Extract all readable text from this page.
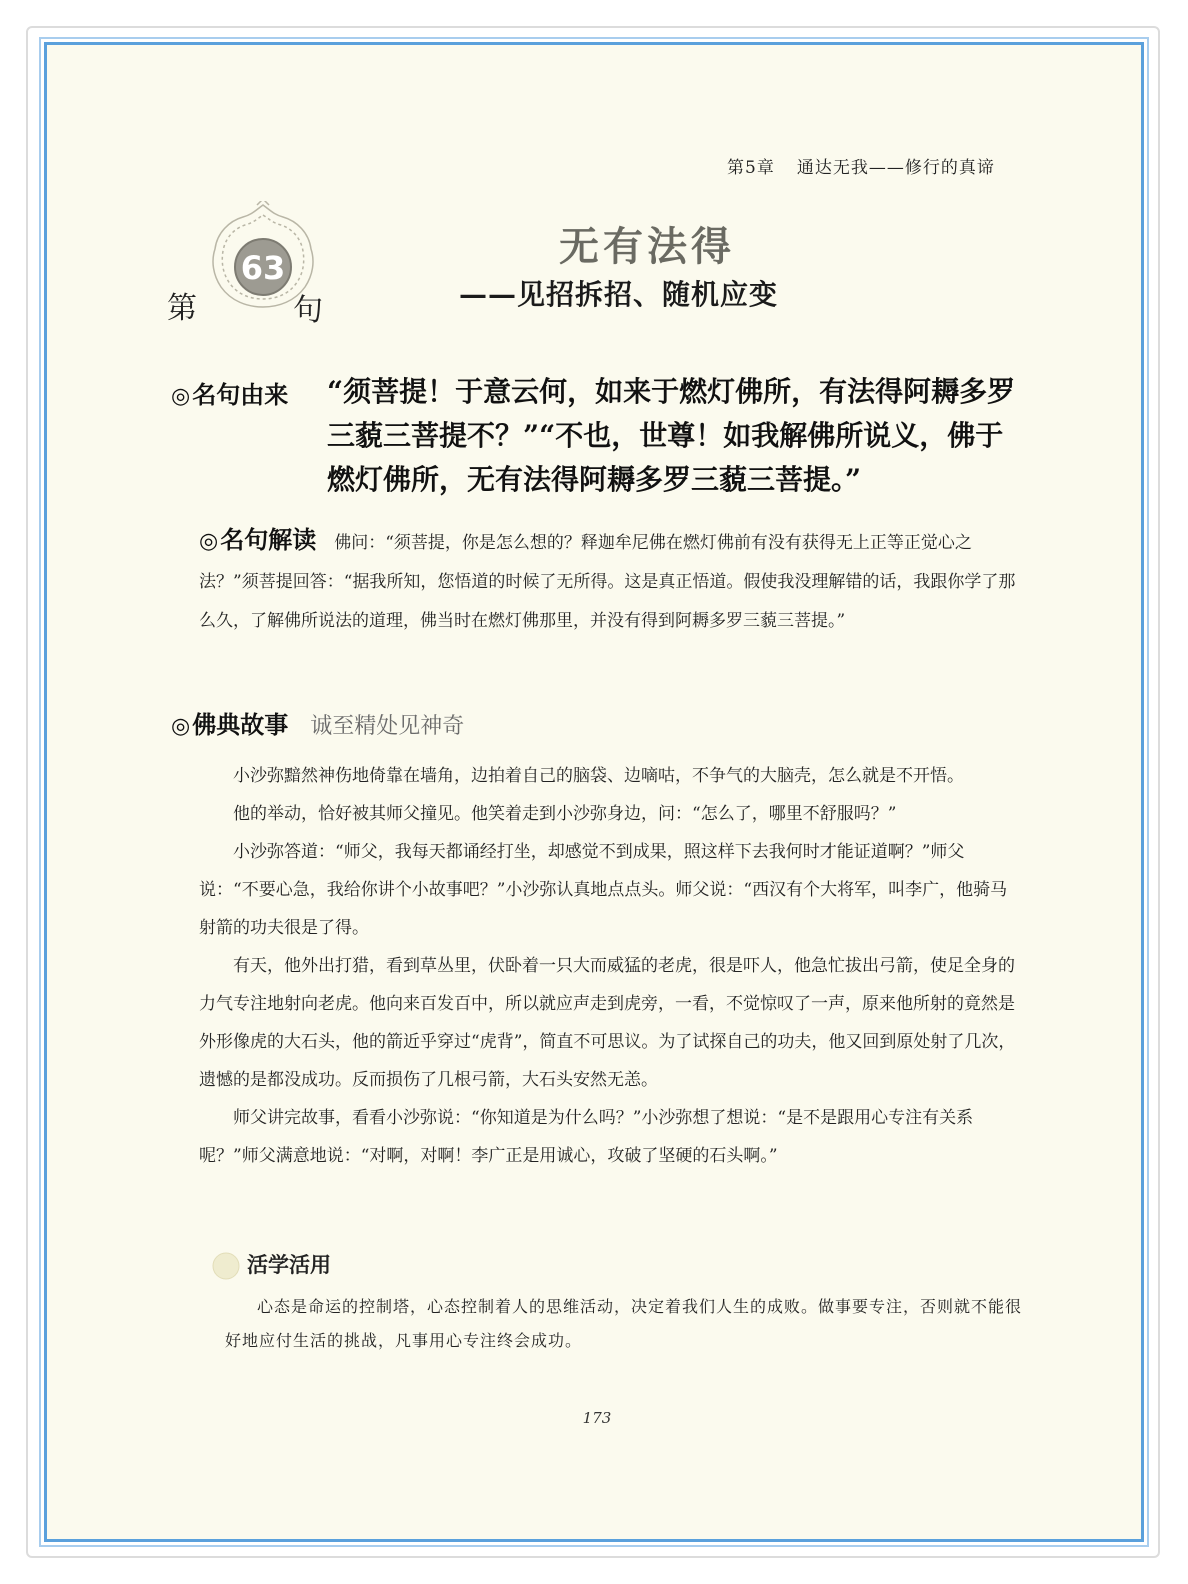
第5章 通达无我——修行的真谛
63
第	句
无有法得
——见招拆招、随机应变
◎名句由来 “须菩提！于意云何，如来于燃灯佛所，有法得阿耨多罗三藐三菩提不？”“不也，世尊！如我解佛所说义，佛于燃灯佛所，无有法得阿耨多罗三藐三菩提。”
◎名句解读 佛问：“须菩提，你是怎么想的？释迦牟尼佛在燃灯佛前有没有获得无上正等正觉心之法？”须菩提回答：“据我所知，您悟道的时候了无所得。这是真正悟道。假使我没理解错的话，我跟你学了那么久，了解佛所说法的道理，佛当时在燃灯佛那里，并没有得到阿耨多罗三藐三菩提。”
◎佛典故事 诚至精处见神奇

小沙弥黯然神伤地倚靠在墙角，边拍着自己的脑袋、边嘀咕，不争气的大脑壳，怎么就是不开悟。

他的举动，恰好被其师父撞见。他笑着走到小沙弥身边，问：“怎么了，哪里不舒服吗？”

小沙弥答道：“师父，我每天都诵经打坐，却感觉不到成果，照这样下去我何时才能证道啊？”师父说：“不要心急，我给你讲个小故事吧？”小沙弥认真地点点头。师父说：“西汉有个大将军，叫李广，他骑马射箭的功夫很是了得。

有天，他外出打猎，看到草丛里，伏卧着一只大而威猛的老虎，很是吓人，他急忙拔出弓箭，使足全身的力气专注地射向老虎。他向来百发百中，所以就应声走到虎旁，一看，不觉惊叹了一声，原来他所射的竟然是外形像虎的大石头，他的箭近乎穿过“虎背”，简直不可思议。为了试探自己的功夫，他又回到原处射了几次，遗憾的是都没成功。反而损伤了几根弓箭，大石头安然无恙。

师父讲完故事，看看小沙弥说：“你知道是为什么吗？”小沙弥想了想说：“是不是跟用心专注有关系呢？”师父满意地说：“对啊，对啊！李广正是用诚心，攻破了坚硬的石头啊。”

活学活用

心态是命运的控制塔，心态控制着人的思维活动，决定着我们人生的成败。做事要专注，否则就不能很好地应付生活的挑战，凡事用心专注终会成功。

173
